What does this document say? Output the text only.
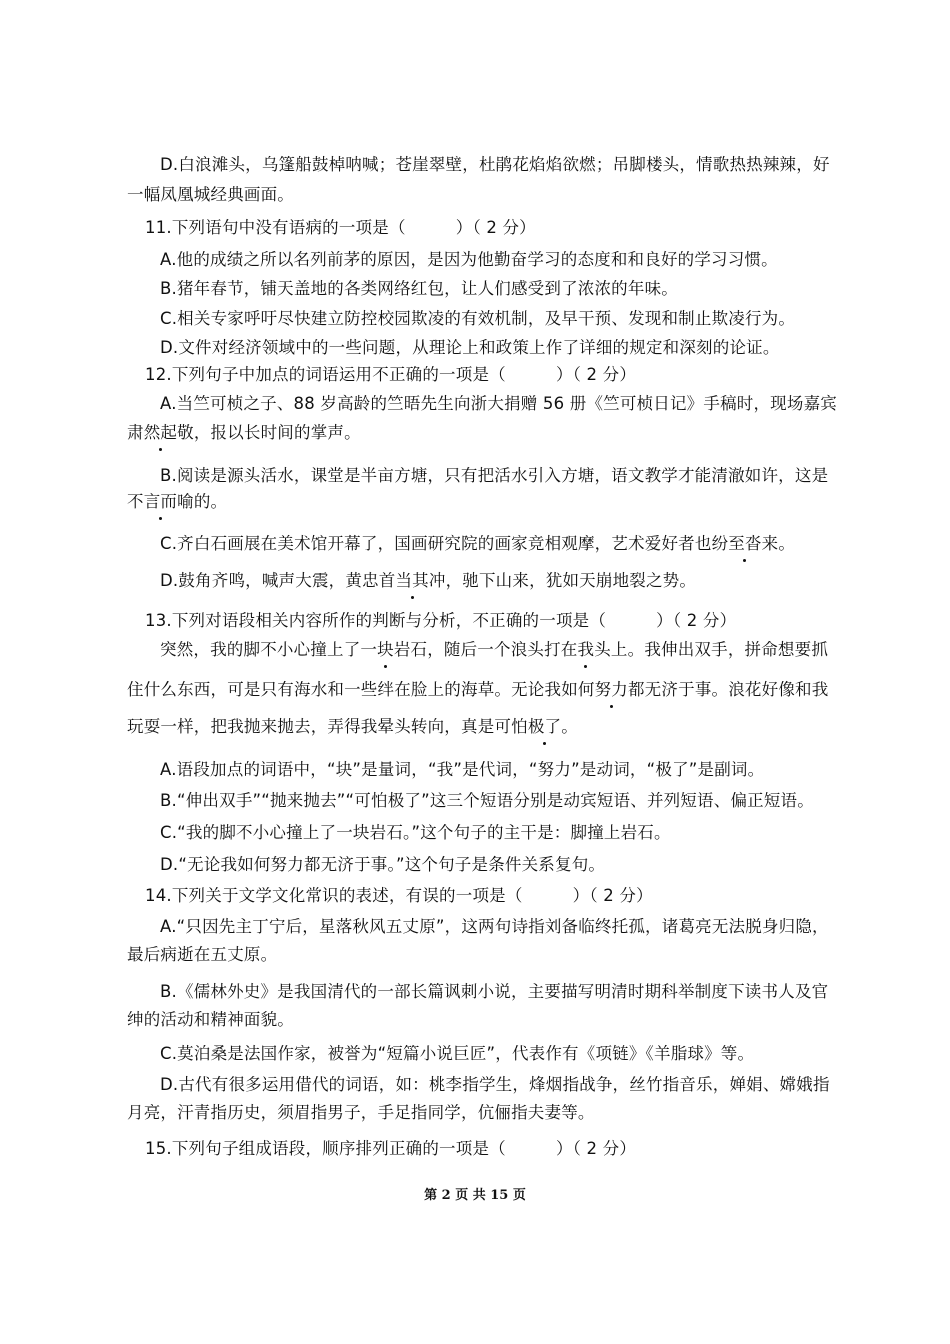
D.白浪滩头，乌篷船鼓棹呐喊；苍崖翠壁，杜鹃花焰焰欲燃；吊脚楼头，情歌热热辣辣，好
一幅凤凰城经典画面。
11.下列语句中没有语病的一项是（　　　）（ 2 分）
A.他的成绩之所以名列前茅的原因，是因为他勤奋学习的态度和和良好的学习习惯。
B.猪年春节，铺天盖地的各类网络红包，让人们感受到了浓浓的年味。
C.相关专家呼吁尽快建立防控校园欺凌的有效机制，及早干预、发现和制止欺凌行为。
D.文件对经济领域中的一些问题，从理论上和政策上作了详细的规定和深刻的论证。
12.下列句子中加点的词语运用不正确的一项是（　　　）（ 2 分）
A.当竺可桢之子、88 岁高龄的竺晤先生向浙大捐赠 56 册《竺可桢日记》手稿时，现场嘉宾
肃然起敬，报以长时间的掌声。
B.阅读是源头活水，课堂是半亩方塘，只有把活水引入方塘，语文教学才能清澈如许，这是
不言而喻的。
C.齐白石画展在美术馆开幕了，国画研究院的画家竞相观摩，艺术爱好者也纷至沓来。
D.鼓角齐鸣，喊声大震，黄忠首当其冲，驰下山来，犹如天崩地裂之势。
13.下列对语段相关内容所作的判断与分析，不正确的一项是（　　　）（ 2 分）
突然，我的脚不小心撞上了一块岩石，随后一个浪头打在我头上。我伸出双手，拼命想要抓
住什么东西，可是只有海水和一些绊在脸上的海草。无论我如何努力都无济于事。浪花好像和我
玩耍一样，把我抛来抛去，弄得我晕头转向，真是可怕极了。
A.语段加点的词语中，“块”是量词，“我”是代词，“努力”是动词，“极了”是副词。
B.“伸出双手”“抛来抛去”“可怕极了”这三个短语分别是动宾短语、并列短语、偏正短语。
C.“我的脚不小心撞上了一块岩石。”这个句子的主干是：脚撞上岩石。
D.“无论我如何努力都无济于事。”这个句子是条件关系复句。
14.下列关于文学文化常识的表述，有误的一项是（　　　）（ 2 分）
A.“只因先主丁宁后，星落秋风五丈原”，这两句诗指刘备临终托孤，诸葛亮无法脱身归隐，
最后病逝在五丈原。
B.《儒林外史》是我国清代的一部长篇讽刺小说，主要描写明清时期科举制度下读书人及官
绅的活动和精神面貌。
C.莫泊桑是法国作家，被誉为“短篇小说巨匠”，代表作有《项链》《羊脂球》等。
D.古代有很多运用借代的词语，如：桃李指学生，烽烟指战争，丝竹指音乐，婵娟、嫦娥指
月亮，汗青指历史，须眉指男子，手足指同学，伉俪指夫妻等。
15.下列句子组成语段，顺序排列正确的一项是（　　　）（ 2 分）
第 2 页 共 15 页
